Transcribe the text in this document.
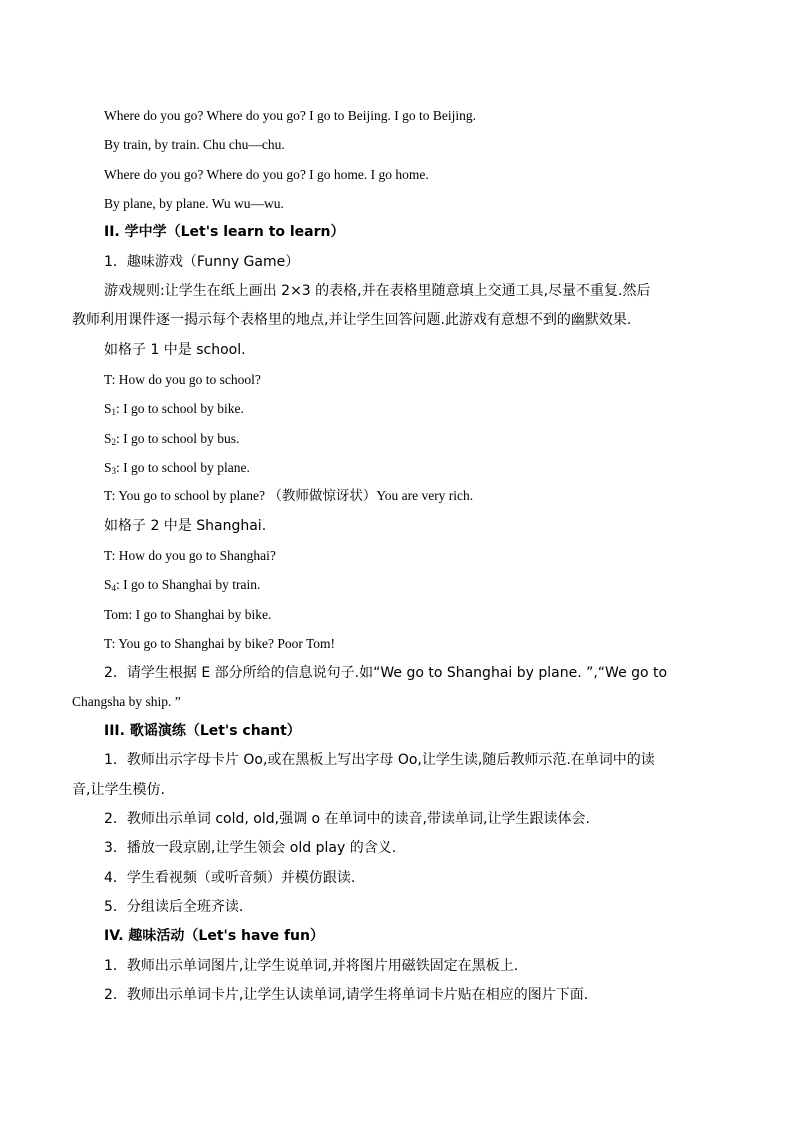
Where do you go? Where do you go? I go to Beijing. I go to Beijing.
By train, by train. Chu chu—chu.
Where do you go? Where do you go? I go home. I go home.
By plane, by plane. Wu wu—wu.
II. 学中学（Let's learn to learn）
1．趣味游戏（Funny Game）
游戏规则:让学生在纸上画出 2×3 的表格,并在表格里随意填上交通工具,尽量不重复.然后
教师利用课件逐一揭示每个表格里的地点,并让学生回答问题.此游戏有意想不到的幽默效果.
如格子 1 中是 school.
T: How do you go to school?
$S_1$: I go to school by bike.
$S_2$: I go to school by bus.
$S_3$: I go to school by plane.
T: You go to school by plane? （教师做惊讶状）You are very rich.
如格子 2 中是 Shanghai.
T: How do you go to Shanghai?
$S_4$: I go to Shanghai by train.
Tom: I go to Shanghai by bike.
T: You go to Shanghai by bike? Poor Tom!
2．请学生根据 E 部分所给的信息说句子.如“We go to Shanghai by plane. ”,“We go to
Changsha by ship. ”
III. 歌谣演练（Let's chant）
1．教师出示字母卡片 Oo,或在黑板上写出字母 Oo,让学生读,随后教师示范.在单词中的读
音,让学生模仿.
2．教师出示单词 cold, old,强调 o 在单词中的读音,带读单词,让学生跟读体会.
3．播放一段京剧,让学生领会 old play 的含义.
4．学生看视频（或听音频）并模仿跟读.
5．分组读后全班齐读.
IV. 趣味活动（Let's have fun）
1．教师出示单词图片,让学生说单词,并将图片用磁铁固定在黑板上.
2．教师出示单词卡片,让学生认读单词,请学生将单词卡片贴在相应的图片下面.
